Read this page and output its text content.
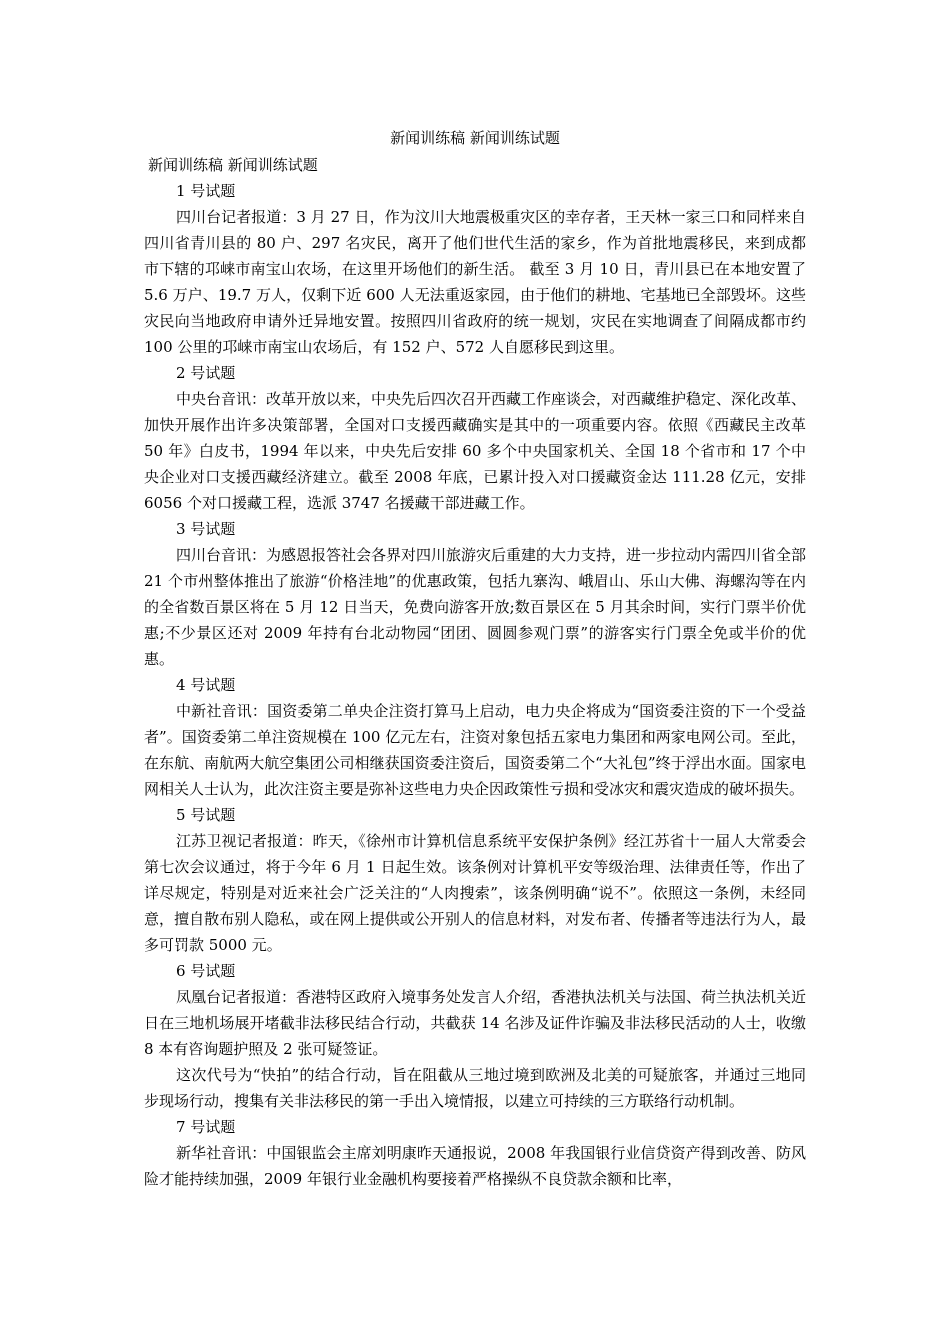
新闻训练稿 新闻训练试题

新闻训练稿 新闻训练试题

1 号试题

四川台记者报道：3 月 27 日，作为汶川大地震极重灾区的幸存者，王天林一家三口和同样来自四川省青川县的 80 户、297 名灾民，离开了他们世代生活的家乡，作为首批地震移民，来到成都市下辖的邛崃市南宝山农场，在这里开场他们的新生活。 截至 3 月 10 日，青川县已在本地安置了 5.6 万户、19.7 万人，仅剩下近 600 人无法重返家园，由于他们的耕地、宅基地已全部毁坏。这些灾民向当地政府申请外迁异地安置。按照四川省政府的统一规划，灾民在实地调查了间隔成都市约 100 公里的邛崃市南宝山农场后，有 152 户、572 人自愿移民到这里。

2 号试题

中央台音讯：改革开放以来，中央先后四次召开西藏工作座谈会，对西藏维护稳定、深化改革、加快开展作出许多决策部署，全国对口支援西藏确实是其中的一项重要内容。依照《西藏民主改革 50 年》白皮书，1994 年以来，中央先后安排 60 多个中央国家机关、全国 18 个省市和 17 个中央企业对口支援西藏经济建立。截至 2008 年底，已累计投入对口援藏资金达 111.28 亿元，安排 6056 个对口援藏工程，选派 3747 名援藏干部进藏工作。

3 号试题

四川台音讯：为感恩报答社会各界对四川旅游灾后重建的大力支持，进一步拉动内需四川省全部 21 个市州整体推出了旅游“价格洼地”的优惠政策，包括九寨沟、峨眉山、乐山大佛、海螺沟等在内的全省数百景区将在 5 月 12 日当天，免费向游客开放;数百景区在 5 月其余时间，实行门票半价优惠;不少景区还对 2009 年持有台北动物园“团团、圆圆参观门票”的游客实行门票全免或半价的优惠。

4 号试题

中新社音讯：国资委第二单央企注资打算马上启动，电力央企将成为“国资委注资的下一个受益者”。国资委第二单注资规模在 100 亿元左右，注资对象包括五家电力集团和两家电网公司。至此，在东航、南航两大航空集团公司相继获国资委注资后，国资委第二个“大礼包”终于浮出水面。国家电网相关人士认为，此次注资主要是弥补这些电力央企因政策性亏损和受冰灾和震灾造成的破坏损失。

5 号试题

江苏卫视记者报道：昨天，《徐州市计算机信息系统平安保护条例》经江苏省十一届人大常委会第七次会议通过，将于今年 6 月 1 日起生效。该条例对计算机平安等级治理、法律责任等，作出了详尽规定，特别是对近来社会广泛关注的“人肉搜索”，该条例明确“说不”。依照这一条例，未经同意，擅自散布别人隐私，或在网上提供或公开别人的信息材料，对发布者、传播者等违法行为人，最多可罚款 5000 元。

6 号试题

凤凰台记者报道：香港特区政府入境事务处发言人介绍，香港执法机关与法国、荷兰执法机关近日在三地机场展开堵截非法移民结合行动，共截获 14 名涉及证件诈骗及非法移民活动的人士，收缴 8 本有咨询题护照及 2 张可疑签证。

这次代号为“快拍”的结合行动，旨在阻截从三地过境到欧洲及北美的可疑旅客，并通过三地同步现场行动，搜集有关非法移民的第一手出入境情报，以建立可持续的三方联络行动机制。

7 号试题

新华社音讯：中国银监会主席刘明康昨天通报说，2008 年我国银行业信贷资产得到改善、防风险才能持续加强，2009 年银行业金融机构要接着严格操纵不良贷款余额和比率，
